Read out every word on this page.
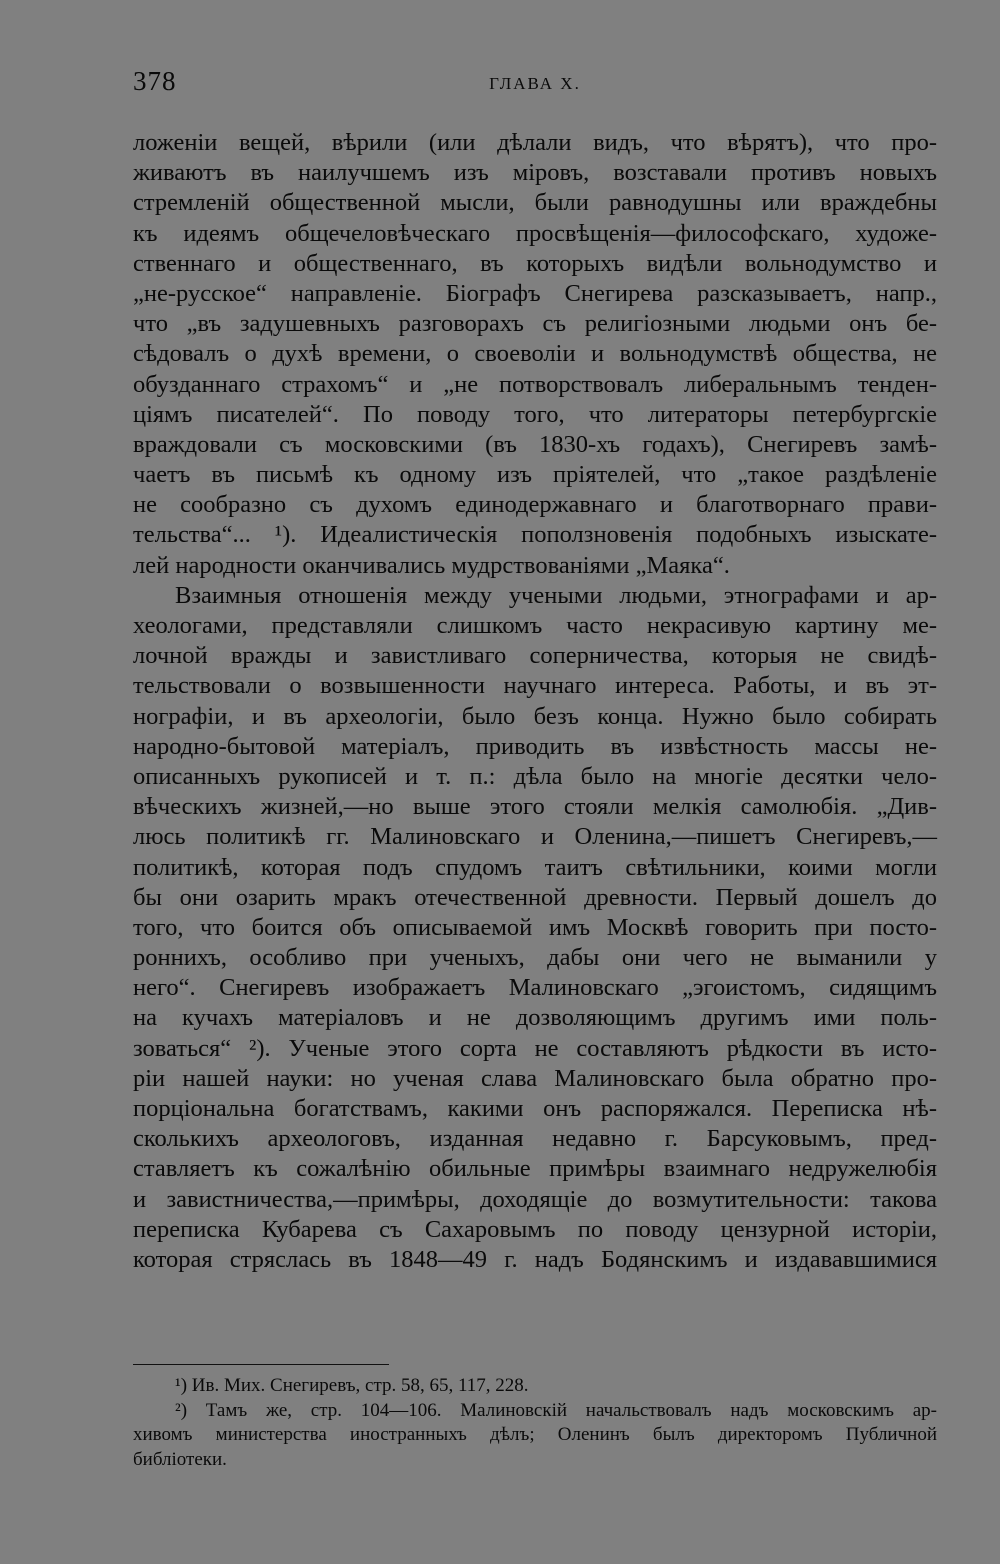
378	ГЛАВА X.
ложеніи вещей, вѣрили (или дѣлали видъ, что вѣрятъ), что про-
живаютъ въ наилучшемъ изъ міровъ, возставали противъ новыхъ
стремленій общественной мысли, были равнодушны или враждебны
къ идеямъ общечеловѣческаго просвѣщенія—философскаго, художе-
ственнаго и общественнаго, въ которыхъ видѣли вольнодумство и
„не-русское“ направленіе. Біографъ Снегирева разсказываетъ, напр.,
что „въ задушевныхъ разговорахъ съ религіозными людьми онъ бе-
сѣдовалъ о духѣ времени, о своеволіи и вольнодумствѣ общества, не
обузданнаго страхомъ“ и „не потворствовалъ либеральнымъ тенден-
ціямъ писателей“. По поводу того, что литераторы петербургскіе
враждовали съ московскими (въ 1830-хъ годахъ), Снегиревъ замѣ-
чаетъ въ письмѣ къ одному изъ пріятелей, что „такое раздѣленіе
не сообразно съ духомъ единодержавнаго и благотворнаго прави-
тельства“... ¹). Идеалистическія поползновенія подобныхъ изыскате-
лей народности оканчивались мудрствованіями „Маяка“.
Взаимныя отношенія между учеными людьми, этнографами и ар-
хеологами, представляли слишкомъ часто некрасивую картину ме-
лочной вражды и завистливаго соперничества, которыя не свидѣ-
тельствовали о возвышенности научнаго интереса. Работы, и въ эт-
нографіи, и въ археологіи, было безъ конца. Нужно было собирать
народно-бытовой матеріалъ, приводить въ извѣстность массы не-
описанныхъ рукописей и т. п.: дѣла было на многіе десятки чело-
вѣческихъ жизней,—но выше этого стояли мелкія самолюбія. „Див-
люсь политикѣ гг. Малиновскаго и Оленина,—пишетъ Снегиревъ,—
политикѣ, которая подъ спудомъ таитъ свѣтильники, коими могли
бы они озарить мракъ отечественной древности. Первый дошелъ до
того, что боится объ описываемой имъ Москвѣ говорить при посто-
роннихъ, особливо при ученыхъ, дабы они чего не выманили у
него“. Снегиревъ изображаетъ Малиновскаго „эгоистомъ, сидящимъ
на кучахъ матеріаловъ и не дозволяющимъ другимъ ими поль-
зоваться“ ²). Ученые этого сорта не составляютъ рѣдкости въ исто-
ріи нашей науки: но ученая слава Малиновскаго была обратно про-
порціональна богатствамъ, какими онъ распоряжался. Переписка нѣ-
сколькихъ археологовъ, изданная недавно г. Барсуковымъ, пред-
ставляетъ къ сожалѣнію обильные примѣры взаимнаго недружелюбія
и завистничества,—примѣры, доходящіе до возмутительности: такова
переписка Кубарева съ Сахаровымъ по поводу цензурной исторіи,
которая стряслась въ 1848—49 г. надъ Бодянскимъ и издававшимися
¹) Ив. Мих. Снегиревъ, стр. 58, 65, 117, 228.
²) Тамъ же, стр. 104—106. Малиновскій начальствовалъ надъ московскимъ ар-
хивомъ министерства иностранныхъ дѣлъ; Оленинъ былъ директоромъ Публичной
библіотеки.
